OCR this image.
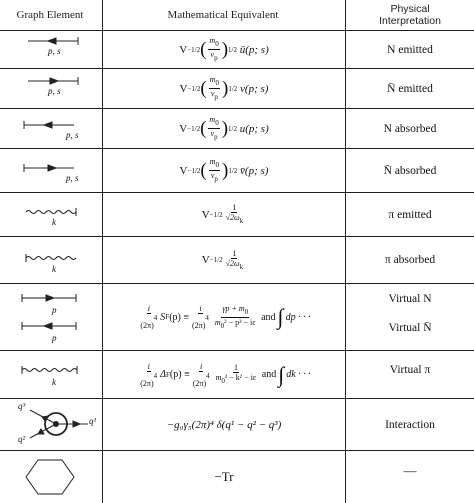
Graph Element	Mathematical Equivalent	Physical
Interpretation
p, s
p, s
p, s
p, s
k
k
p
p
k
q³
q²
q¹
V −1/2 ( $\frac{m0}{vp}$ ) 1/2
ū(p; s)
V −1/2 ( $\frac{m0}{vp}$ ) 1/2
v(p; s)
V −1/2 ( $\frac{m0}{vp}$ ) 1/2
u(p; s)
V −1/2 ( $\frac{m0}{vp}$ ) 1/2
v̄(p; s)
$V -1/2 \frac{1}{√2\omega k}$
$V -1/2 \frac{1}{√2\omega k}$
$\frac{i}{(2\pi)4}$ S F $(p) \equiv \frac{i}{(2\pi)4} \frac{\gamma p + m0}{\text{m0² − p² − iε}}$
and ∫ dp · · ·
$\frac{i}{(2\pi)4}$ Δ F $(p) \equiv \frac{i}{(2\pi)4} \frac{1}{\text{m0² − k² − iε}}$
and ∫ dk · · ·
−g₀γ₅(2π)⁴ δ(q¹ − q² − q³)
−Tr
N emitted
N̄ emitted
N absorbed
N̄ absorbed
π emitted
π absorbed
Virtual N
Virtual N̄
Virtual π
Interaction
—
